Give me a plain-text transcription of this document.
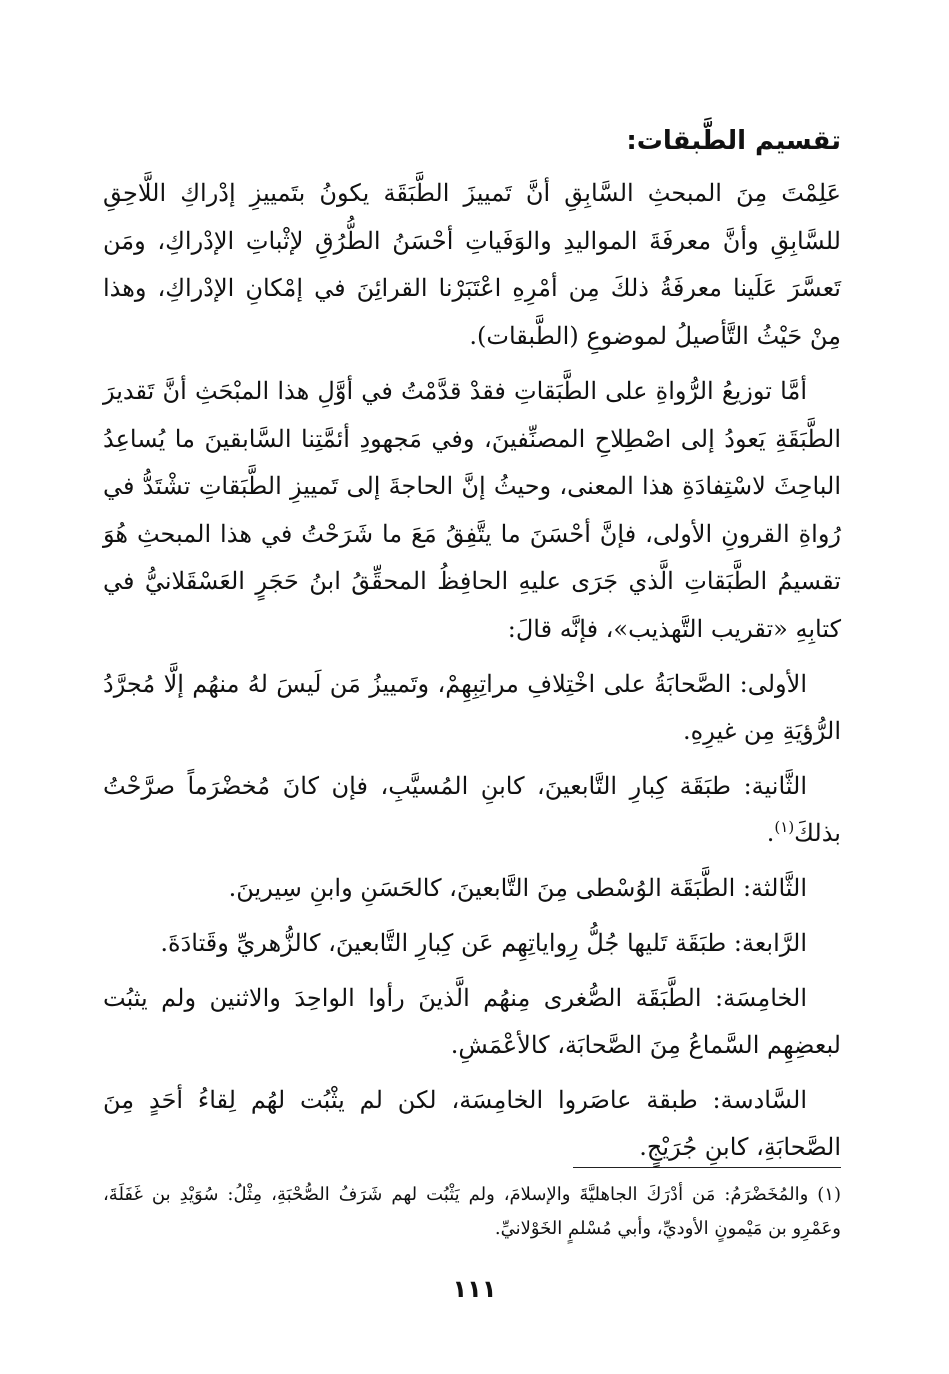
تقسيم الطَّبقات:

عَلِمْتَ مِنَ المبحثِ السَّابِقِ أنَّ تَمييزَ الطَّبَقَة يكونُ بتَمييزِ إدْراكِ اللَّاحِقِ للسَّابِقِ وأنَّ معرفَةَ المواليدِ والوَفَياتِ أحْسَنُ الطُّرُقِ لإثْباتِ الإدْراكِ، ومَن تَعسَّرَ عَلَينا معرفَةُ ذلكَ مِن أمْرِهِ اعْتَبَرْنا القرائِنَ في إمْكانِ الإدْراكِ، وهذا مِنْ حَيْثُ التَّأصيلُ لموضوعِ (الطَّبقات).

أمَّا توزيعُ الرُّواةِ على الطَّبَقاتِ فقدْ قدَّمْتُ في أوَّلِ هذا المبْحَثِ أنَّ تَقديرَ الطَّبَقَةِ يَعودُ إلى اصْطِلاحِ المصنِّفينَ، وفي مَجهودِ أئمَّتِنا السَّابقينَ ما يُساعِدُ الباحِثَ لاسْتِفادَةِ هذا المعنى، وحيثُ إنَّ الحاجةَ إلى تَمييزِ الطَّبَقاتِ تشْتَدُّ في رُواةِ القرونِ الأولى، فإنَّ أحْسَنَ ما يتَّفِقُ مَعَ ما شَرَحْتُ في هذا المبحثِ هُوَ تقسيمُ الطَّبَقاتِ الَّذي جَرَى عليهِ الحافِظُ المحقِّقُ ابنُ حَجَرٍ العَسْقَلانيُّ في كتابِهِ «تقريب التَّهذيب»، فإنَّه قالَ:

الأولى: الصَّحابَةُ على اخْتِلافِ مراتِبِهِمْ، وتَمييزُ مَن لَيسَ لهُ منهُم إلَّا مُجرَّدُ الرُّؤيَةِ مِن غيرِهِ.

الثَّانية: طبَقَة كِبارِ التَّابعينَ، كابنِ المُسيَّبِ، فإن كانَ مُخضْرَماً صرَّحْتُ بذلكَ$^{(١)}$.

الثَّالثة: الطَّبَقَة الوُسْطى مِنَ التَّابعينَ، كالحَسَنِ وابنِ سِيرينَ.

الرَّابعة: طبَقَة تَليها جُلُّ رِواياتِهِم عَن كِبارِ التَّابعينَ، كالزُّهريِّ وقَتادَةَ.

الخامِسَة: الطَّبَقَة الصُّغرى مِنهُم الَّذينَ رأوا الواحِدَ والاثنين ولم يثبُت لبعضِهِم السَّماعُ مِنَ الصَّحابَة، كالأعْمَشِ.

السَّادسة: طبقة عاصَروا الخامِسَة، لكن لم يثْبُت لهُم لِقاءُ أحَدٍ مِنَ الصَّحابَةِ، كابنِ جُرَيْجٍ.

(١) والمُخَضْرَمُ: مَن أدْرَكَ الجاهليَّةَ والإسلامَ، ولم يَثْبُت لهم شَرَفُ الصُّحْبَةِ، مِثْلُ: سُوَيْدِ بن غَفَلَةَ، وعَمْرِو بن مَيْمونٍ الأوديِّ، وأبي مُسْلمٍ الخَوْلانيِّ.
١١١
